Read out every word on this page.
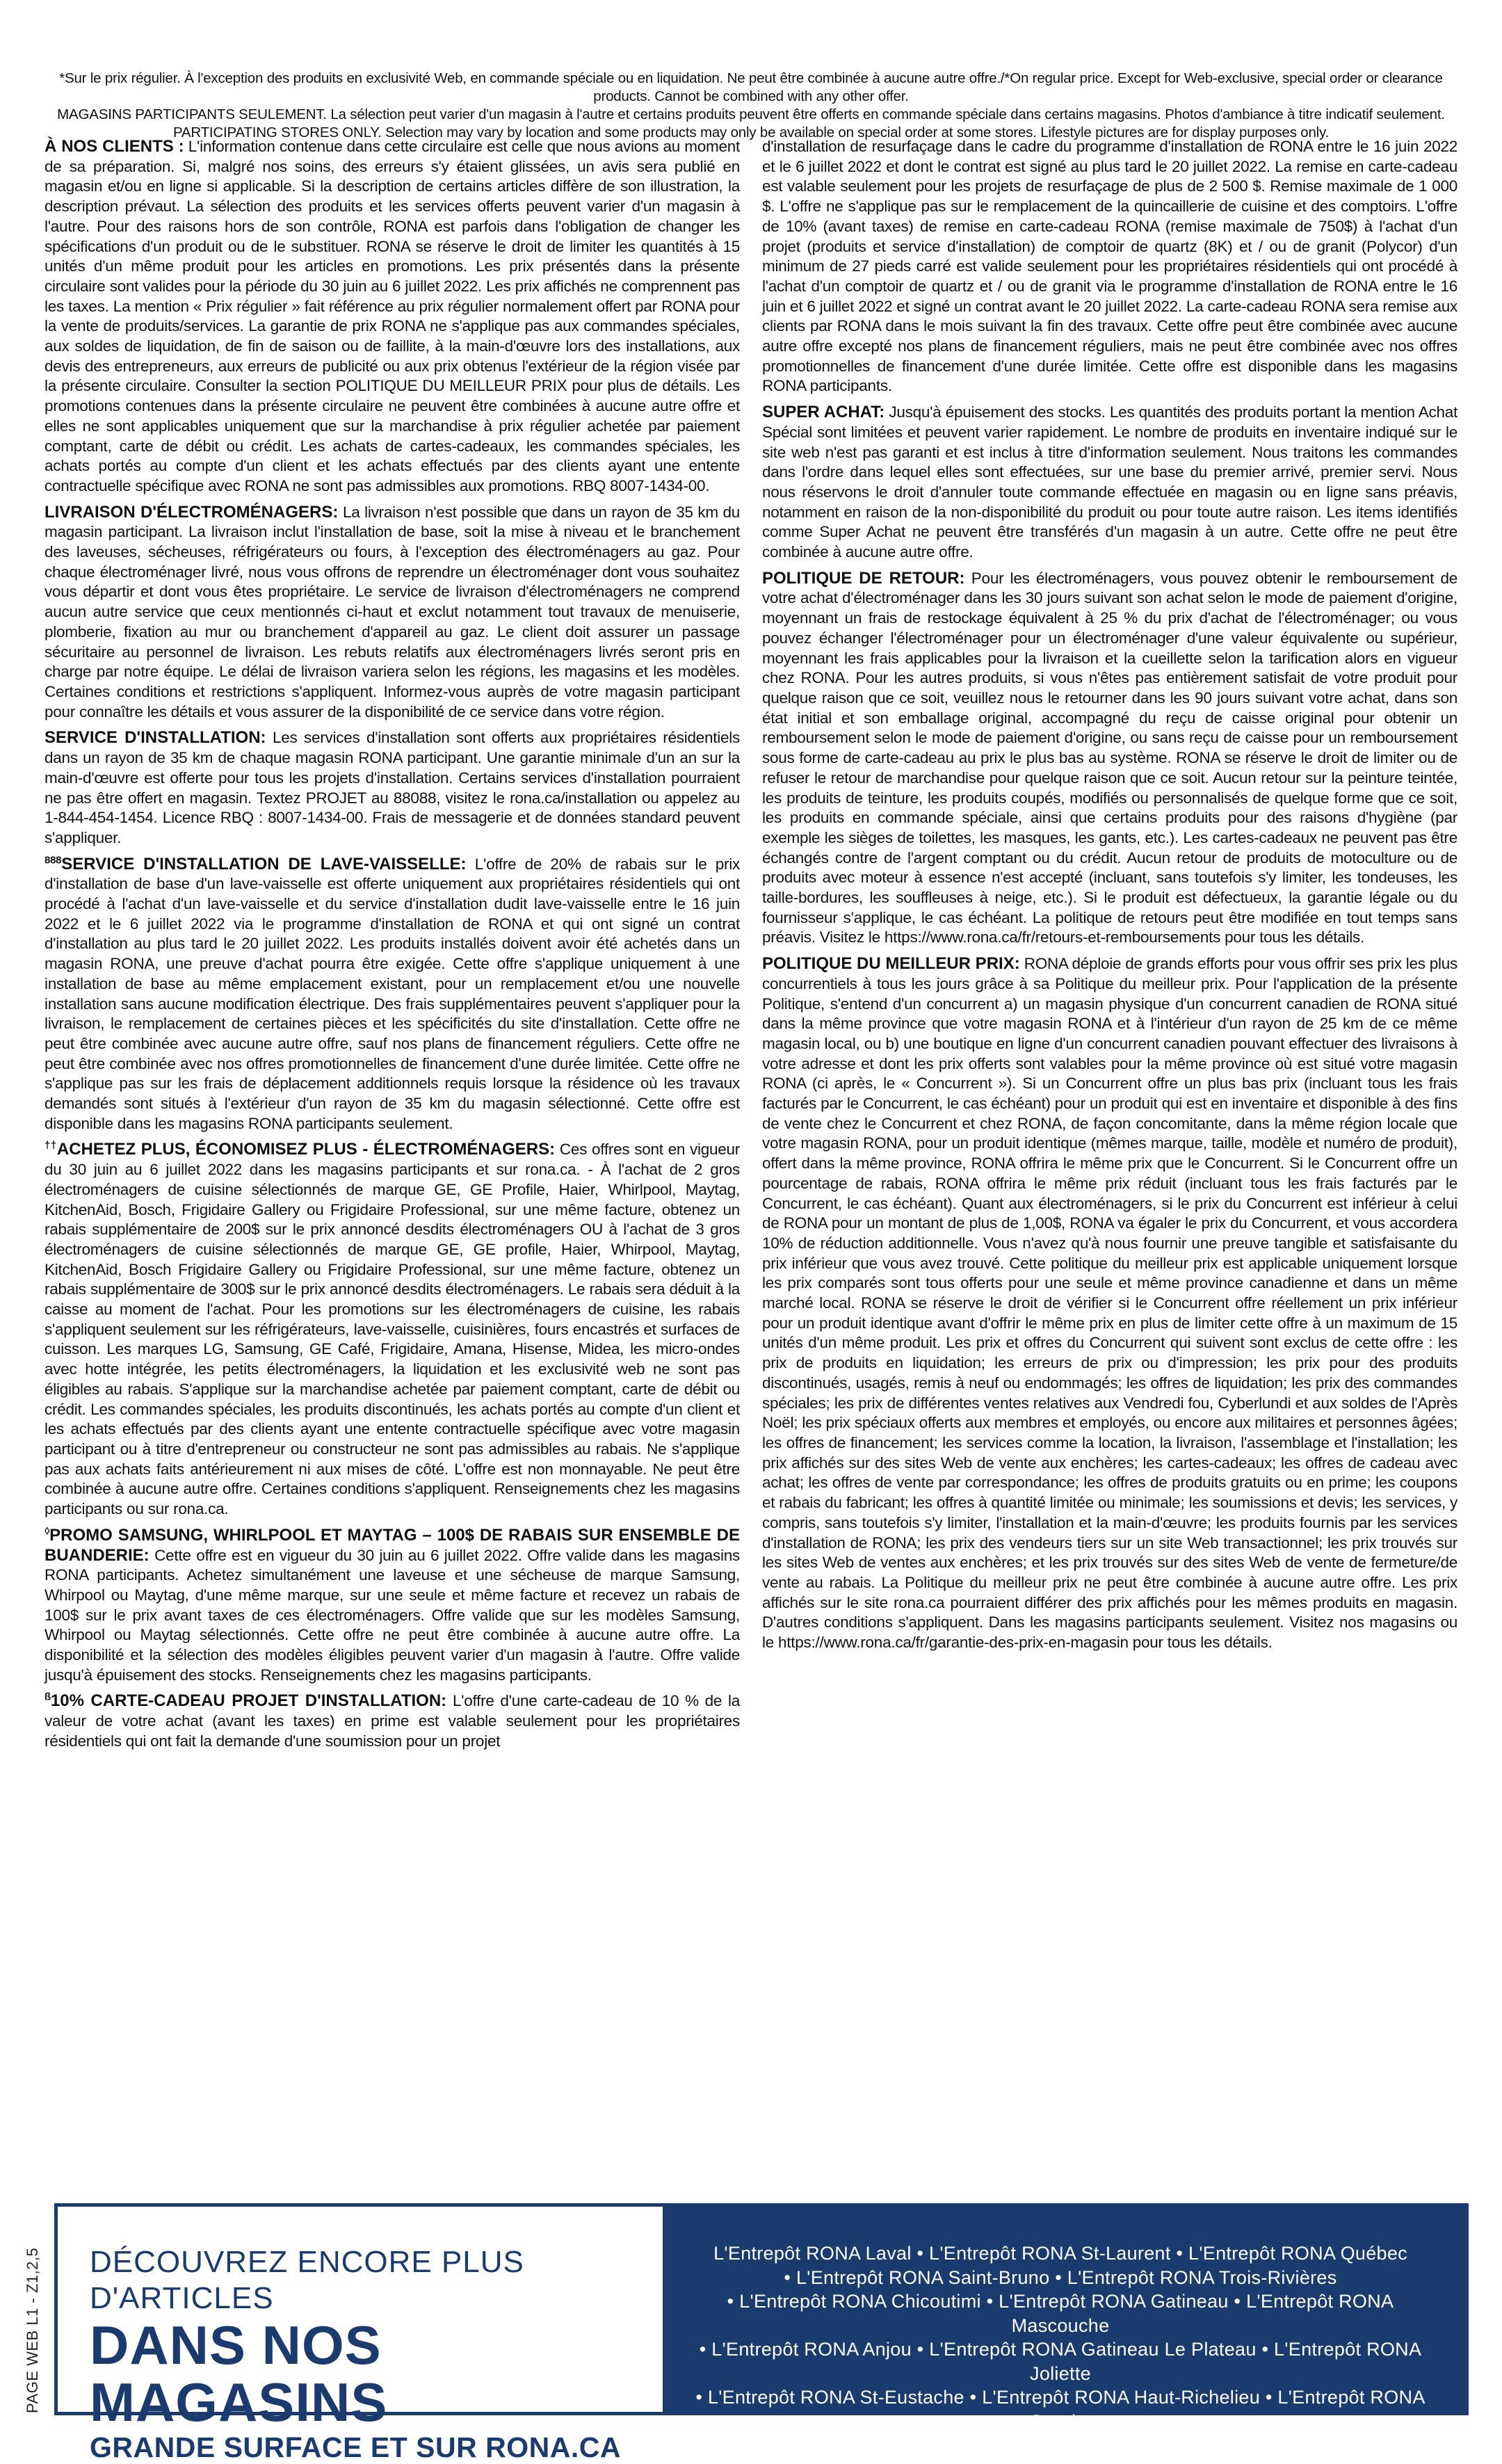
*Sur le prix régulier. À l'exception des produits en exclusivité Web, en commande spéciale ou en liquidation. Ne peut être combinée à aucune autre offre./*On regular price. Except for Web-exclusive, special order or clearance products. Cannot be combined with any other offer.
MAGASINS PARTICIPANTS SEULEMENT. La sélection peut varier d'un magasin à l'autre et certains produits peuvent être offerts en commande spéciale dans certains magasins. Photos d'ambiance à titre indicatif seulement.
PARTICIPATING STORES ONLY. Selection may vary by location and some products may only be available on special order at some stores. Lifestyle pictures are for display purposes only.

À NOS CLIENTS : L'information contenue dans cette circulaire est celle que nous avions au moment de sa préparation. Si, malgré nos soins, des erreurs s'y étaient glissées, un avis sera publié en magasin et/ou en ligne si applicable. Si la description de certains articles diffère de son illustration, la description prévaut. La sélection des produits et les services offerts peuvent varier d'un magasin à l'autre. Pour des raisons hors de son contrôle, RONA est parfois dans l'obligation de changer les spécifications d'un produit ou de le substituer. RONA se réserve le droit de limiter les quantités à 15 unités d'un même produit pour les articles en promotions. Les prix présentés dans la présente circulaire sont valides pour la période du 30 juin au 6 juillet 2022. Les prix affichés ne comprennent pas les taxes. La mention « Prix régulier » fait référence au prix régulier normalement offert par RONA pour la vente de produits/services. La garantie de prix RONA ne s'applique pas aux commandes spéciales, aux soldes de liquidation, de fin de saison ou de faillite, à la main-d'œuvre lors des installations, aux devis des entrepreneurs, aux erreurs de publicité ou aux prix obtenus l'extérieur de la région visée par la présente circulaire. Consulter la section POLITIQUE DU MEILLEUR PRIX pour plus de détails. Les promotions contenues dans la présente circulaire ne peuvent être combinées à aucune autre offre et elles ne sont applicables uniquement que sur la marchandise à prix régulier achetée par paiement comptant, carte de débit ou crédit. Les achats de cartes-cadeaux, les commandes spéciales, les achats portés au compte d'un client et les achats effectués par des clients ayant une entente contractuelle spécifique avec RONA ne sont pas admissibles aux promotions. RBQ 8007-1434-00.

LIVRAISON D'ÉLECTROMÉNAGERS: La livraison n'est possible que dans un rayon de 35 km du magasin participant. La livraison inclut l'installation de base, soit la mise à niveau et le branchement des laveuses, sécheuses, réfrigérateurs ou fours, à l'exception des électroménagers au gaz. Pour chaque électroménager livré, nous vous offrons de reprendre un électroménager dont vous souhaitez vous départir et dont vous êtes propriétaire. Le service de livraison d'électroménagers ne comprend aucun autre service que ceux mentionnés ci-haut et exclut notamment tout travaux de menuiserie, plomberie, fixation au mur ou branchement d'appareil au gaz. Le client doit assurer un passage sécuritaire au personnel de livraison. Les rebuts relatifs aux électroménagers livrés seront pris en charge par notre équipe. Le délai de livraison variera selon les régions, les magasins et les modèles. Certaines conditions et restrictions s'appliquent. Informez-vous auprès de votre magasin participant pour connaître les détails et vous assurer de la disponibilité de ce service dans votre région.

SERVICE D'INSTALLATION: Les services d'installation sont offerts aux propriétaires résidentiels dans un rayon de 35 km de chaque magasin RONA participant. Une garantie minimale d'un an sur la main-d'œuvre est offerte pour tous les projets d'installation. Certains services d'installation pourraient ne pas être offert en magasin. Textez PROJET au 88088, visitez le rona.ca/installation ou appelez au 1-844-454-1454. Licence RBQ : 8007-1434-00. Frais de messagerie et de données standard peuvent s'appliquer.

$^{888}$SERVICE D'INSTALLATION DE LAVE-VAISSELLE: L'offre de 20% de rabais sur le prix d'installation de base d'un lave-vaisselle est offerte uniquement aux propriétaires résidentiels qui ont procédé à l'achat d'un lave-vaisselle et du service d'installation dudit lave-vaisselle entre le 16 juin 2022 et le 6 juillet 2022 via le programme d'installation de RONA et qui ont signé un contrat d'installation au plus tard le 20 juillet 2022. Les produits installés doivent avoir été achetés dans un magasin RONA, une preuve d'achat pourra être exigée. Cette offre s'applique uniquement à une installation de base au même emplacement existant, pour un remplacement et/ou une nouvelle installation sans aucune modification électrique. Des frais supplémentaires peuvent s'appliquer pour la livraison, le remplacement de certaines pièces et les spécificités du site d'installation. Cette offre ne peut être combinée avec aucune autre offre, sauf nos plans de financement réguliers. Cette offre ne peut être combinée avec nos offres promotionnelles de financement d'une durée limitée. Cette offre ne s'applique pas sur les frais de déplacement additionnels requis lorsque la résidence où les travaux demandés sont situés à l'extérieur d'un rayon de 35 km du magasin sélectionné. Cette offre est disponible dans les magasins RONA participants seulement.

††ACHETEZ PLUS, ÉCONOMISEZ PLUS - ÉLECTROMÉNAGERS: Ces offres sont en vigueur du 30 juin au 6 juillet 2022 dans les magasins participants et sur rona.ca. - À l'achat de 2 gros électroménagers de cuisine sélectionnés de marque GE, GE Profile, Haier, Whirlpool, Maytag, KitchenAid, Bosch, Frigidaire Gallery ou Frigidaire Professional, sur une même facture, obtenez un rabais supplémentaire de 200$ sur le prix annoncé desdits électroménagers OU à l'achat de 3 gros électroménagers de cuisine sélectionnés de marque GE, GE profile, Haier, Whirpool, Maytag, KitchenAid, Bosch Frigidaire Gallery ou Frigidaire Professional, sur une même facture, obtenez un rabais supplémentaire de 300$ sur le prix annoncé desdits électroménagers. Le rabais sera déduit à la caisse au moment de l'achat. Pour les promotions sur les électroménagers de cuisine, les rabais s'appliquent seulement sur les réfrigérateurs, lave-vaisselle, cuisinières, fours encastrés et surfaces de cuisson. Les marques LG, Samsung, GE Café, Frigidaire, Amana, Hisense, Midea, les micro-ondes avec hotte intégrée, les petits électroménagers, la liquidation et les exclusivité web ne sont pas éligibles au rabais. S'applique sur la marchandise achetée par paiement comptant, carte de débit ou crédit. Les commandes spéciales, les produits discontinués, les achats portés au compte d'un client et les achats effectués par des clients ayant une entente contractuelle spécifique avec votre magasin participant ou à titre d'entrepreneur ou constructeur ne sont pas admissibles au rabais. Ne s'applique pas aux achats faits antérieurement ni aux mises de côté. L'offre est non monnayable. Ne peut être combinée à aucune autre offre. Certaines conditions s'appliquent. Renseignements chez les magasins participants ou sur rona.ca.

◊PROMO SAMSUNG, WHIRLPOOL ET MAYTAG – 100$ DE RABAIS SUR ENSEMBLE DE BUANDERIE: Cette offre est en vigueur du 30 juin au 6 juillet 2022. Offre valide dans les magasins RONA participants. Achetez simultanément une laveuse et une sécheuse de marque Samsung, Whirpool ou Maytag, d'une même marque, sur une seule et même facture et recevez un rabais de 100$ sur le prix avant taxes de ces électroménagers. Offre valide que sur les modèles Samsung, Whirpool ou Maytag sélectionnés. Cette offre ne peut être combinée à aucune autre offre. La disponibilité et la sélection des modèles éligibles peuvent varier d'un magasin à l'autre. Offre valide jusqu'à épuisement des stocks. Renseignements chez les magasins participants.

$^ß$10% CARTE-CADEAU PROJET D'INSTALLATION: L'offre d'une carte-cadeau de 10 % de la valeur de votre achat (avant les taxes) en prime est valable seulement pour les propriétaires résidentiels qui ont fait la demande d'une soumission pour un projet

d'installation de resurfaçage dans le cadre du programme d'installation de RONA entre le 16 juin 2022 et le 6 juillet 2022 et dont le contrat est signé au plus tard le 20 juillet 2022. La remise en carte-cadeau est valable seulement pour les projets de resurfaçage de plus de 2 500 $. Remise maximale de 1 000 $. L'offre ne s'applique pas sur le remplacement de la quincaillerie de cuisine et des comptoirs. L'offre de 10% (avant taxes) de remise en carte-cadeau RONA (remise maximale de 750$) à l'achat d'un projet (produits et service d'installation) de comptoir de quartz (8K) et / ou de granit (Polycor) d'un minimum de 27 pieds carré est valide seulement pour les propriétaires résidentiels qui ont procédé à l'achat d'un comptoir de quartz et / ou de granit via le programme d'installation de RONA entre le 16 juin et 6 juillet 2022 et signé un contrat avant le 20 juillet 2022. La carte-cadeau RONA sera remise aux clients par RONA dans le mois suivant la fin des travaux. Cette offre peut être combinée avec aucune autre offre excepté nos plans de financement réguliers, mais ne peut être combinée avec nos offres promotionnelles de financement d'une durée limitée. Cette offre est disponible dans les magasins RONA participants.

SUPER ACHAT: Jusqu'à épuisement des stocks. Les quantités des produits portant la mention Achat Spécial sont limitées et peuvent varier rapidement. Le nombre de produits en inventaire indiqué sur le site web n'est pas garanti et est inclus à titre d'information seulement. Nous traitons les commandes dans l'ordre dans lequel elles sont effectuées, sur une base du premier arrivé, premier servi. Nous nous réservons le droit d'annuler toute commande effectuée en magasin ou en ligne sans préavis, notamment en raison de la non-disponibilité du produit ou pour toute autre raison. Les items identifiés comme Super Achat ne peuvent être transférés d'un magasin à un autre. Cette offre ne peut être combinée à aucune autre offre.

POLITIQUE DE RETOUR: Pour les électroménagers, vous pouvez obtenir le remboursement de votre achat d'électroménager dans les 30 jours suivant son achat selon le mode de paiement d'origine, moyennant un frais de restockage équivalent à 25 % du prix d'achat de l'électroménager; ou vous pouvez échanger l'électroménager pour un électroménager d'une valeur équivalente ou supérieur, moyennant les frais applicables pour la livraison et la cueillette selon la tarification alors en vigueur chez RONA. Pour les autres produits, si vous n'êtes pas entièrement satisfait de votre produit pour quelque raison que ce soit, veuillez nous le retourner dans les 90 jours suivant votre achat, dans son état initial et son emballage original, accompagné du reçu de caisse original pour obtenir un remboursement selon le mode de paiement d'origine, ou sans reçu de caisse pour un remboursement sous forme de carte-cadeau au prix le plus bas au système. RONA se réserve le droit de limiter ou de refuser le retour de marchandise pour quelque raison que ce soit. Aucun retour sur la peinture teintée, les produits de teinture, les produits coupés, modifiés ou personnalisés de quelque forme que ce soit, les produits en commande spéciale, ainsi que certains produits pour des raisons d'hygiène (par exemple les sièges de toilettes, les masques, les gants, etc.). Les cartes-cadeaux ne peuvent pas être échangés contre de l'argent comptant ou du crédit. Aucun retour de produits de motoculture ou de produits avec moteur à essence n'est accepté (incluant, sans toutefois s'y limiter, les tondeuses, les taille-bordures, les souffleuses à neige, etc.). Si le produit est défectueux, la garantie légale ou du fournisseur s'applique, le cas échéant. La politique de retours peut être modifiée en tout temps sans préavis. Visitez le https://www.rona.ca/fr/retours-et-remboursements pour tous les détails.

POLITIQUE DU MEILLEUR PRIX: RONA déploie de grands efforts pour vous offrir ses prix les plus concurrentiels à tous les jours grâce à sa Politique du meilleur prix. Pour l'application de la présente Politique, s'entend d'un concurrent a) un magasin physique d'un concurrent canadien de RONA situé dans la même province que votre magasin RONA et à l'intérieur d'un rayon de 25 km de ce même magasin local, ou b) une boutique en ligne d'un concurrent canadien pouvant effectuer des livraisons à votre adresse et dont les prix offerts sont valables pour la même province où est situé votre magasin RONA (ci après, le « Concurrent »). Si un Concurrent offre un plus bas prix (incluant tous les frais facturés par le Concurrent, le cas échéant) pour un produit qui est en inventaire et disponible à des fins de vente chez le Concurrent et chez RONA, de façon concomitante, dans la même région locale que votre magasin RONA, pour un produit identique (mêmes marque, taille, modèle et numéro de produit), offert dans la même province, RONA offrira le même prix que le Concurrent. Si le Concurrent offre un pourcentage de rabais, RONA offrira le même prix réduit (incluant tous les frais facturés par le Concurrent, le cas échéant). Quant aux électroménagers, si le prix du Concurrent est inférieur à celui de RONA pour un montant de plus de 1,00$, RONA va égaler le prix du Concurrent, et vous accordera 10% de réduction additionnelle. Vous n'avez qu'à nous fournir une preuve tangible et satisfaisante du prix inférieur que vous avez trouvé. Cette politique du meilleur prix est applicable uniquement lorsque les prix comparés sont tous offerts pour une seule et même province canadienne et dans un même marché local. RONA se réserve le droit de vérifier si le Concurrent offre réellement un prix inférieur pour un produit identique avant d'offrir le même prix en plus de limiter cette offre à un maximum de 15 unités d'un même produit. Les prix et offres du Concurrent qui suivent sont exclus de cette offre : les prix de produits en liquidation; les erreurs de prix ou d'impression; les prix pour des produits discontinués, usagés, remis à neuf ou endommagés; les offres de liquidation; les prix des commandes spéciales; les prix de différentes ventes relatives aux Vendredi fou, Cyberlundi et aux soldes de l'Après Noël; les prix spéciaux offerts aux membres et employés, ou encore aux militaires et personnes âgées; les offres de financement; les services comme la location, la livraison, l'assemblage et l'installation; les prix affichés sur des sites Web de vente aux enchères; les cartes-cadeaux; les offres de cadeau avec achat; les offres de vente par correspondance; les offres de produits gratuits ou en prime; les coupons et rabais du fabricant; les offres à quantité limitée ou minimale; les soumissions et devis; les services, y compris, sans toutefois s'y limiter, l'installation et la main-d'œuvre; les produits fournis par les services d'installation de RONA; les prix des vendeurs tiers sur un site Web transactionnel; les prix trouvés sur les sites Web de ventes aux enchères; et les prix trouvés sur des sites Web de vente de fermeture/de vente au rabais. La Politique du meilleur prix ne peut être combinée à aucune autre offre. Les prix affichés sur le site rona.ca pourraient différer des prix affichés pour les mêmes produits en magasin. D'autres conditions s'appliquent. Dans les magasins participants seulement. Visitez nos magasins ou le https://www.rona.ca/fr/garantie-des-prix-en-magasin pour tous les détails.

PAGE WEB L1 - Z1,2,5 DÉCOUVREZ ENCORE PLUS D'ARTICLES
DANS NOS MAGASINS
GRANDE SURFACE ET SUR RONA.CA
L'Entrepôt RONA Laval • L'Entrepôt RONA St-Laurent • L'Entrepôt RONA Québec
• L'Entrepôt RONA Saint-Bruno • L'Entrepôt RONA Trois-Rivières
• L'Entrepôt RONA Chicoutimi • L'Entrepôt RONA Gatineau • L'Entrepôt RONA Mascouche
• L'Entrepôt RONA Anjou • L'Entrepôt RONA Gatineau Le Plateau • L'Entrepôt RONA Joliette
• L'Entrepôt RONA St-Eustache • L'Entrepôt RONA Haut-Richelieu • L'Entrepôt RONA Granby
• L'Entrepôt RONA St-Hyacinthe • L'Entrepôt RONA Brossard (Dix/30)
